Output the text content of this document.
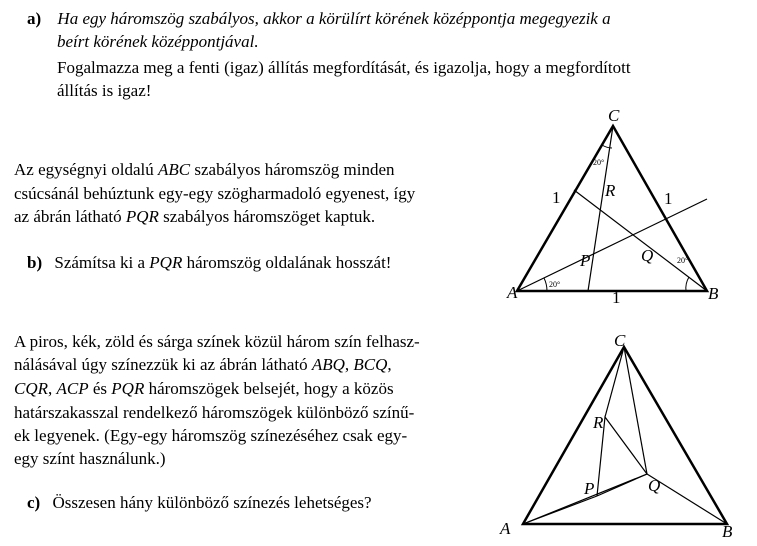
a) Ha egy háromszög szabályos, akkor a körülírt körének középpontja megegyezik a
beírt körének középpontjával.
Fogalmazza meg a fenti (igaz) állítás megfordítását, és igazolja, hogy a megfordított
állítás is igaz!
Az egységnyi oldalú ABC szabályos háromszög minden
csúcsánál behúztunk egy-egy szögharmadoló egyenest, így
az ábrán látható PQR szabályos háromszöget kaptuk.
b) Számítsa ki a PQR háromszög oldalának hosszát!
A piros, kék, zöld és sárga színek közül három szín felhasz-
nálásával úgy színezzük ki az ábrán látható ABQ, BCQ,
CQR, ACP és PQR háromszögek belsejét, hogy a közös
határszakasszal rendelkező háromszögek különböző színű-
ek legyenek. (Egy-egy háromszög színezéséhez csak egy-
egy színt használunk.)
c) Összesen hány különböző színezés lehetséges?
A	B
C
R
P	Q
1	1
1
20°
20°
20°
A	B
C
R
P	Q
